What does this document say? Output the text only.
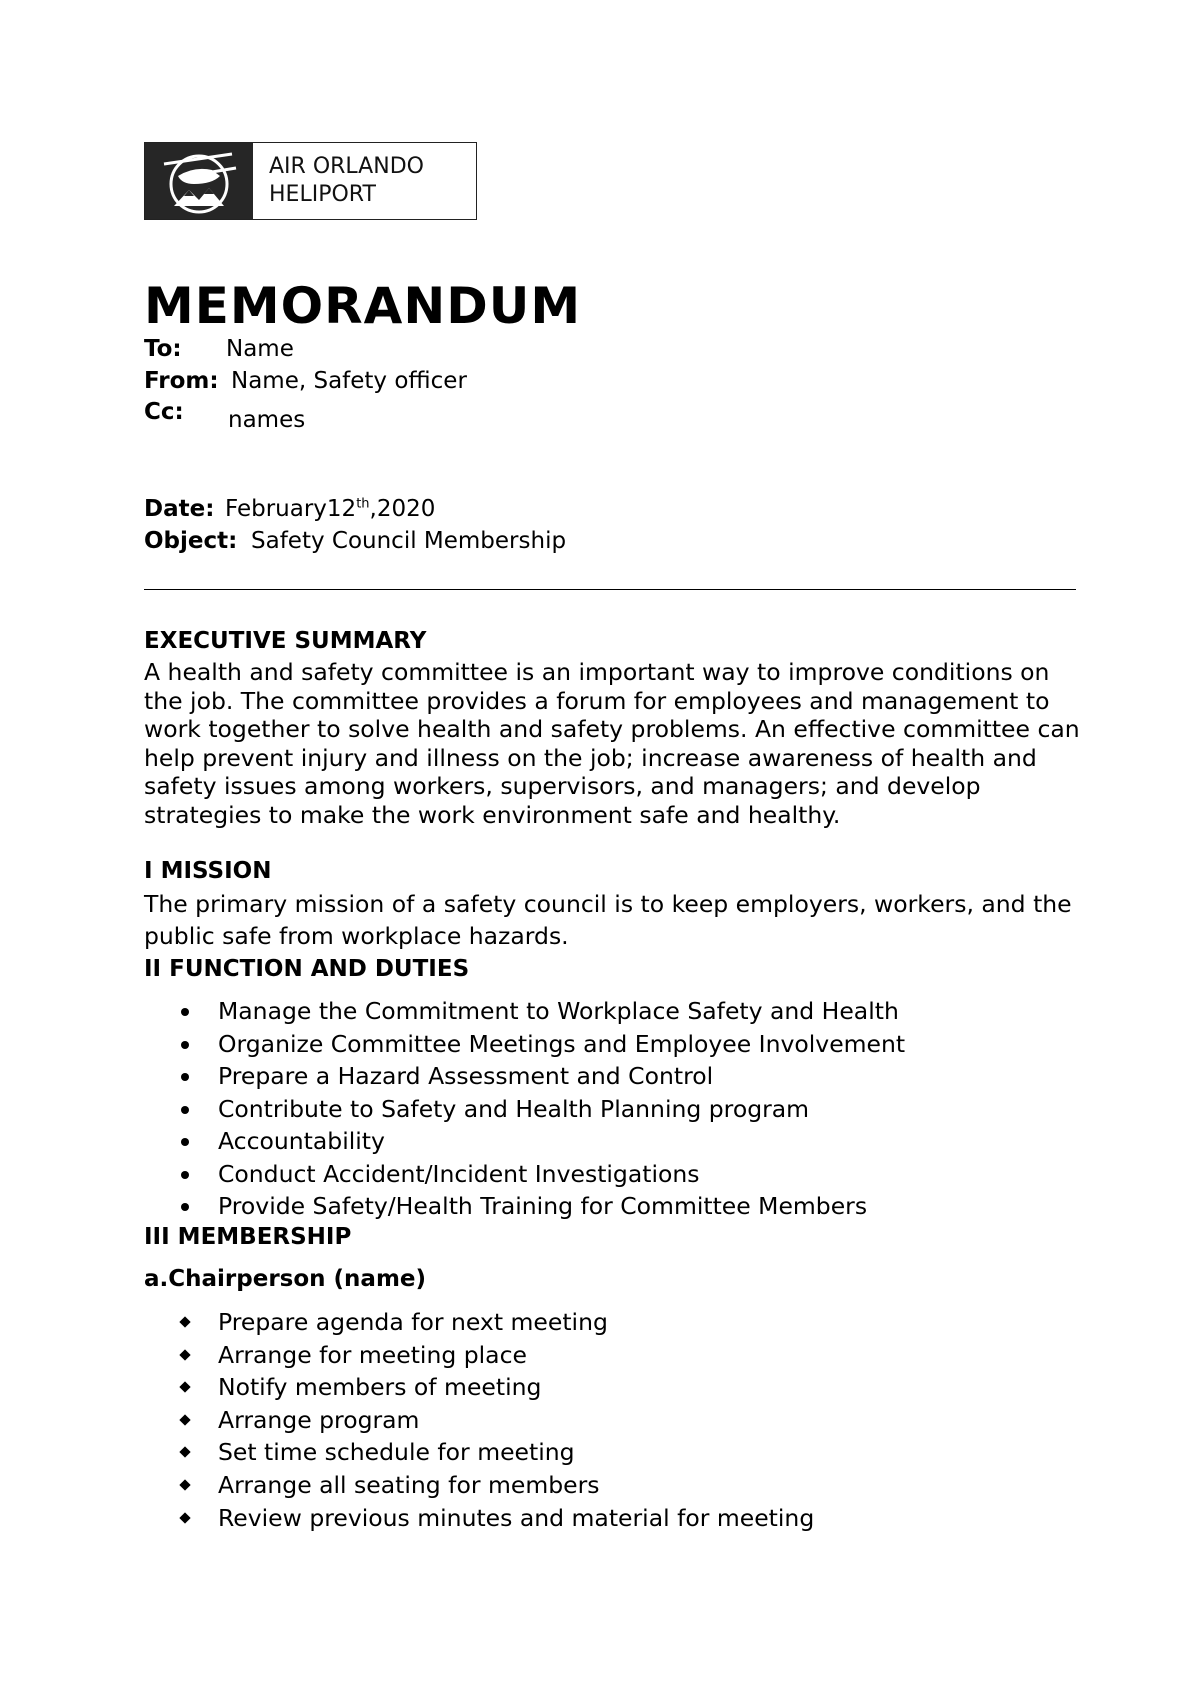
AIR ORLANDO
HELIPORT
MEMORANDUM
To: Name
From: Name, Safety officer
Cc: names
Date: February12th,2020
Object: Safety Council Membership
EXECUTIVE SUMMARY
A health and safety committee is an important way to improve conditions on the job. The committee provides a forum for employees and management to work together to solve health and safety problems. An effective committee can help prevent injury and illness on the job; increase awareness of health and safety issues among workers, supervisors, and managers; and develop strategies to make the work environment safe and healthy.
I MISSION
The primary mission of a safety council is to keep employers, workers, and the public safe from workplace hazards.
II FUNCTION AND DUTIES
Manage the Commitment to Workplace Safety and Health
Organize Committee Meetings and Employee Involvement
Prepare a Hazard Assessment and Control
Contribute to Safety and Health Planning program
Accountability
Conduct Accident/Incident Investigations
Provide Safety/Health Training for Committee Members
III MEMBERSHIP
a.Chairperson (name)
Prepare agenda for next meeting
Arrange for meeting place
Notify members of meeting
Arrange program
Set time schedule for meeting
Arrange all seating for members
Review previous minutes and material for meeting
